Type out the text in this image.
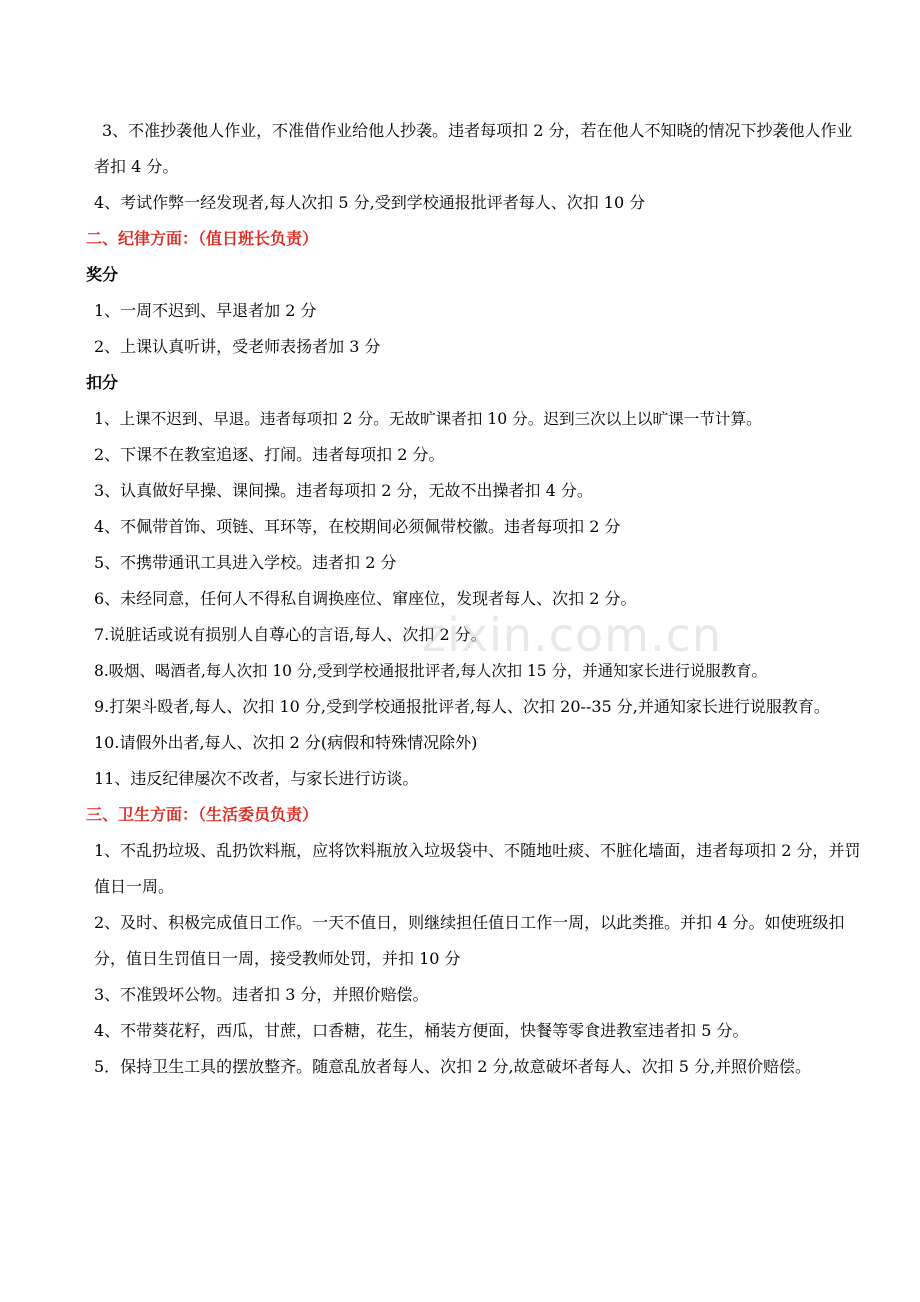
3、不准抄袭他人作业，不准借作业给他人抄袭。违者每项扣 2 分，若在他人不知晓的情况下抄袭他人作业者扣 4 分。

4、考试作弊一经发现者,每人次扣 5 分,受到学校通报批评者每人、次扣 10 分

二、纪律方面：（值日班长负责）

奖分

1、一周不迟到、早退者加 2 分

2、上课认真听讲，受老师表扬者加 3 分

扣分

1、上课不迟到、早退。违者每项扣 2 分。无故旷课者扣 10 分。迟到三次以上以旷课一节计算。

2、下课不在教室追逐、打闹。违者每项扣 2 分。

3、认真做好早操、课间操。违者每项扣 2 分，无故不出操者扣 4 分。

4、不佩带首饰、项链、耳环等，在校期间必须佩带校徽。违者每项扣 2 分

5、不携带通讯工具进入学校。违者扣 2 分

6、未经同意，任何人不得私自调换座位、窜座位，发现者每人、次扣 2 分。

7.说脏话或说有损别人自尊心的言语,每人、次扣 2 分。

8.吸烟、喝酒者,每人次扣 10 分,受到学校通报批评者,每人次扣 15 分，并通知家长进行说服教育。

9.打架斗殴者,每人、次扣 10 分,受到学校通报批评者,每人、次扣 20--35 分,并通知家长进行说服教育。

10.请假外出者,每人、次扣 2 分(病假和特殊情况除外)

11、违反纪律屡次不改者，与家长进行访谈。

三、卫生方面：（生活委员负责）

1、不乱扔垃圾、乱扔饮料瓶，应将饮料瓶放入垃圾袋中、不随地吐痰、不脏化墙面，违者每项扣 2 分，并罚值日一周。

2、及时、积极完成值日工作。一天不值日，则继续担任值日工作一周，以此类推。并扣 4 分。如使班级扣分，值日生罚值日一周，接受教师处罚，并扣 10 分

3、不准毁坏公物。违者扣 3 分，并照价赔偿。

4、不带葵花籽，西瓜，甘蔗，口香糖，花生，桶装方便面，快餐等零食进教室违者扣 5 分。

5．保持卫生工具的摆放整齐。随意乱放者每人、次扣 2 分,故意破坏者每人、次扣 5 分,并照价赔偿。

zixin.com.cn
